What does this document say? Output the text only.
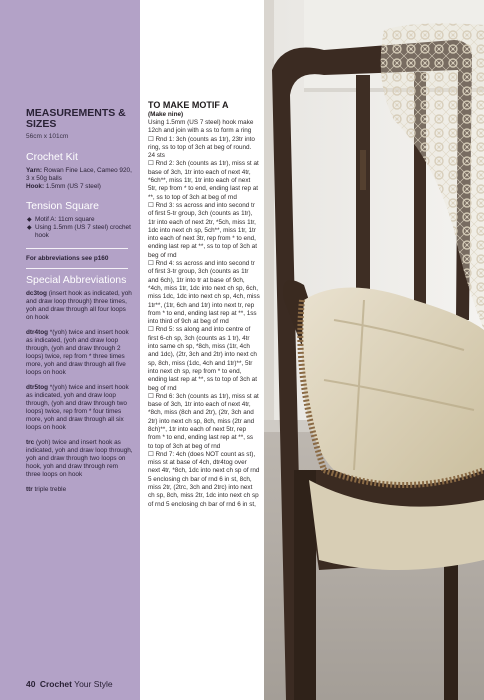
MEASUREMENTS & SIZES
56cm x 101cm
Crochet Kit
Yarn: Rowan Fine Lace, Cameo 920, 3 x 50g balls
Hook: 1.5mm (US 7 steel)
Tension Square
◆ Motif A: 11cm square
◆ Using 1.5mm (US 7 steel) crochet hook
For abbreviations see p160
Special Abbreviations
dc3tog (insert hook as indicated, yoh and draw loop through) three times, yoh and draw through all four loops on hook
dtr4tog *(yoh) twice and insert hook as indicated, (yoh and draw loop through, (yoh and draw through 2 loops) twice, rep from * three times more, yoh and draw through all five loops on hook
dtr5tog *(yoh) twice and insert hook as indicated, yoh and draw loop through, (yoh and draw through two loops) twice, rep from * four times more, yoh and draw through all six loops on hook
trc (yoh) twice and insert hook as indicated, yoh and draw loop through, yoh and draw through two loops on hook, yoh and draw through rem three loops on hook
ttr triple treble
TO MAKE MOTIF A
(Make nine)

Using 1.5mm (US 7 steel) hook make 12ch and join with a ss to form a ring

☐ Rnd 1: 3ch (counts as 1tr), 23tr into ring, ss to top of 3ch at beg of round. 24 sts

☐ Rnd 2: 3ch (counts as 1tr), miss st at base of 3ch, 1tr into each of next 4tr, *6ch**, miss 1tr, 1tr into each of next 5tr, rep from * to end, ending last rep at **, ss to top of 3ch at beg of rnd

☐ Rnd 3: ss across and into second tr of first 5-tr group, 3ch (counts as 1tr), 1tr into each of next 2tr, *5ch, miss 1tr, 1dc into next ch sp, 5ch**, miss 1tr, 1tr into each of next 3tr, rep from * to end, ending last rep at **, ss to top of 3ch at beg of rnd

☐ Rnd 4: ss across and into second tr of first 3-tr group, 3ch (counts as 1tr and 6ch), 1tr into tr at base of 9ch, *4ch, miss 1tr, 1dc into next ch sp, 6ch, miss 1dc, 1dc into next ch sp, 4ch, miss 1tr**, (1tr, 6ch and 1tr) into next tr, rep from * to end, ending last rep at **, 1ss into third of 9ch at beg of rnd

☐ Rnd 5: ss along and into centre of first 6-ch sp, 3ch (counts as 1 tr), 4tr into same ch sp, *8ch, miss (1tr, 4ch and 1dc), (2tr, 3ch and 2tr) into next ch sp, 8ch, miss (1dc, 4ch and 1tr)**, 5tr into next ch sp, rep from * to end, ending last rep at **, ss to top of 3ch at beg of rnd

☐ Rnd 6: 3ch (counts as 1tr), miss st at base of 3ch, 1tr into each of next 4tr, *8ch, miss (8ch and 2tr), (2tr, 3ch and 2tr) into next ch sp, 8ch, miss (2tr and 8ch)**, 1tr into each of next 5tr, rep from * to end, ending last rep at **, ss to top of 3ch at beg of rnd

☐ Rnd 7: 4ch (does NOT count as st), miss st at base of 4ch, dtr4tog over next 4tr, *8ch, 1dc into next ch sp of rnd 5 enclosing ch bar of rnd 6 in st, 8ch, miss 2tr, (2trc, 3ch and 2trc) into next ch sp, 8ch, miss 2tr, 1dc into next ch sp of rnd 5 enclosing ch bar of rnd 6 in st,

40 Crochet Your Style
